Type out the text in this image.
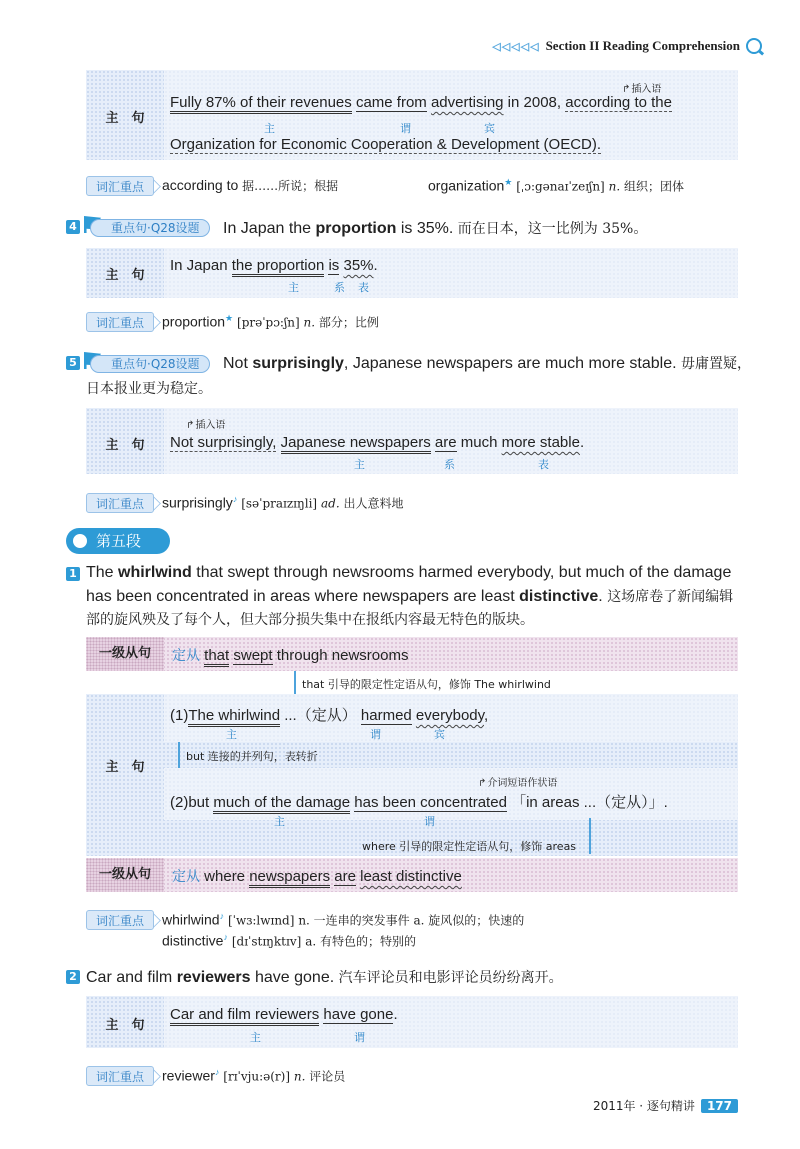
◁◁◁◁◁ Section II Reading Comprehension
主　句
↱ 插入语
Fully 87% of their revenues came from advertising in 2008, according to the
主	谓	宾
Organization for Economic Cooperation & Development (OECD).
词汇重点	according to 据……所说；根据	organization★ [ˌɔ:gənaɪˈzeɪʃn] n. 组织；团体
4	重点句·Q28设题	In Japan the proportion is 35%. 而在日本，这一比例为 35%。
主　句
In Japan the proportion is 35%.
主	系 表
词汇重点	proportion★ [prəˈpɔ:ʃn] n. 部分；比例
5	重点句·Q28设题	Not surprisingly, Japanese newspapers are much more stable. 毋庸置疑，
日本报业更为稳定。
主　句
↱ 插入语
Not surprisingly, Japanese newspapers are much more stable.
主	系	表
词汇重点	surprisingly♪ [səˈpraɪzɪŋli] ad. 出人意料地
第五段
1 The whirlwind that swept through newsrooms harmed everybody, but much of the damage
has been concentrated in areas where newspapers are least distinctive. 这场席卷了新闻编辑
部的旋风殃及了每个人，但大部分损失集中在报纸内容最无特色的版块。
一级从句	定从 that swept through newsrooms
that 引导的限定性定语从句，修饰 The whirlwind
主　句
(1)The whirlwind ...（定从） harmed everybody,
主	谓	宾
but 连接的并列句，表转折
↱ 介词短语作状语
(2)but much of the damage has been concentrated 「in areas ...（定从）」.
主	谓
where 引导的限定性定语从句，修饰 areas
一级从句	定从 where newspapers are least distinctive
词汇重点	whirlwind♪ [ˈwɜ:lwɪnd] n. 一连串的突发事件 a. 旋风似的；快速的
distinctive♪ [dɪˈstɪŋktɪv] a. 有特色的；特别的
2 Car and film reviewers have gone. 汽车评论员和电影评论员纷纷离开。
主　句
Car and film reviewers have gone.
主	谓
词汇重点	reviewer♪ [rɪˈvju:ə(r)] n. 评论员
2011年 · 逐句精讲	177
